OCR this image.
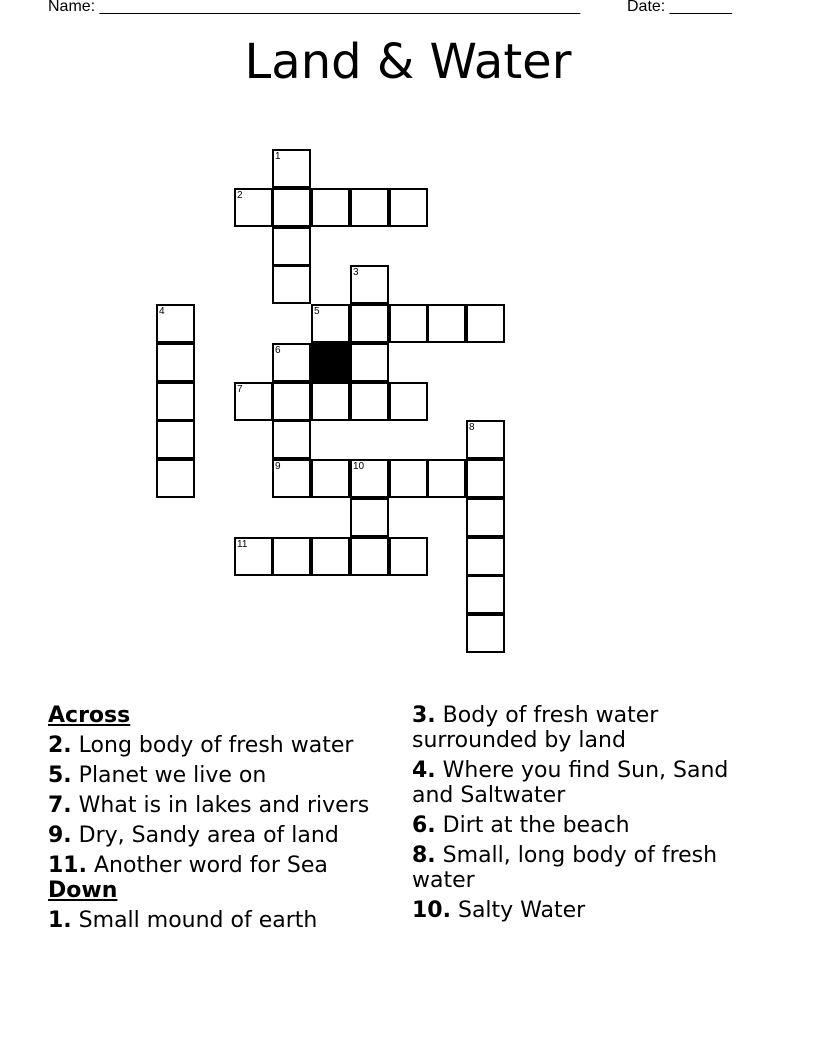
Name: ______________________________________________________	Date: _______
Land & Water
1
2
3
4	5
6
7
8
9	10
11
Across
2. Long body of fresh water
5. Planet we live on
7. What is in lakes and rivers
9. Dry, Sandy area of land
11. Another word for Sea
Down
1. Small mound of earth
3. Body of fresh water surrounded by land
4. Where you find Sun, Sand and Saltwater
6. Dirt at the beach
8. Small, long body of fresh water
10. Salty Water
